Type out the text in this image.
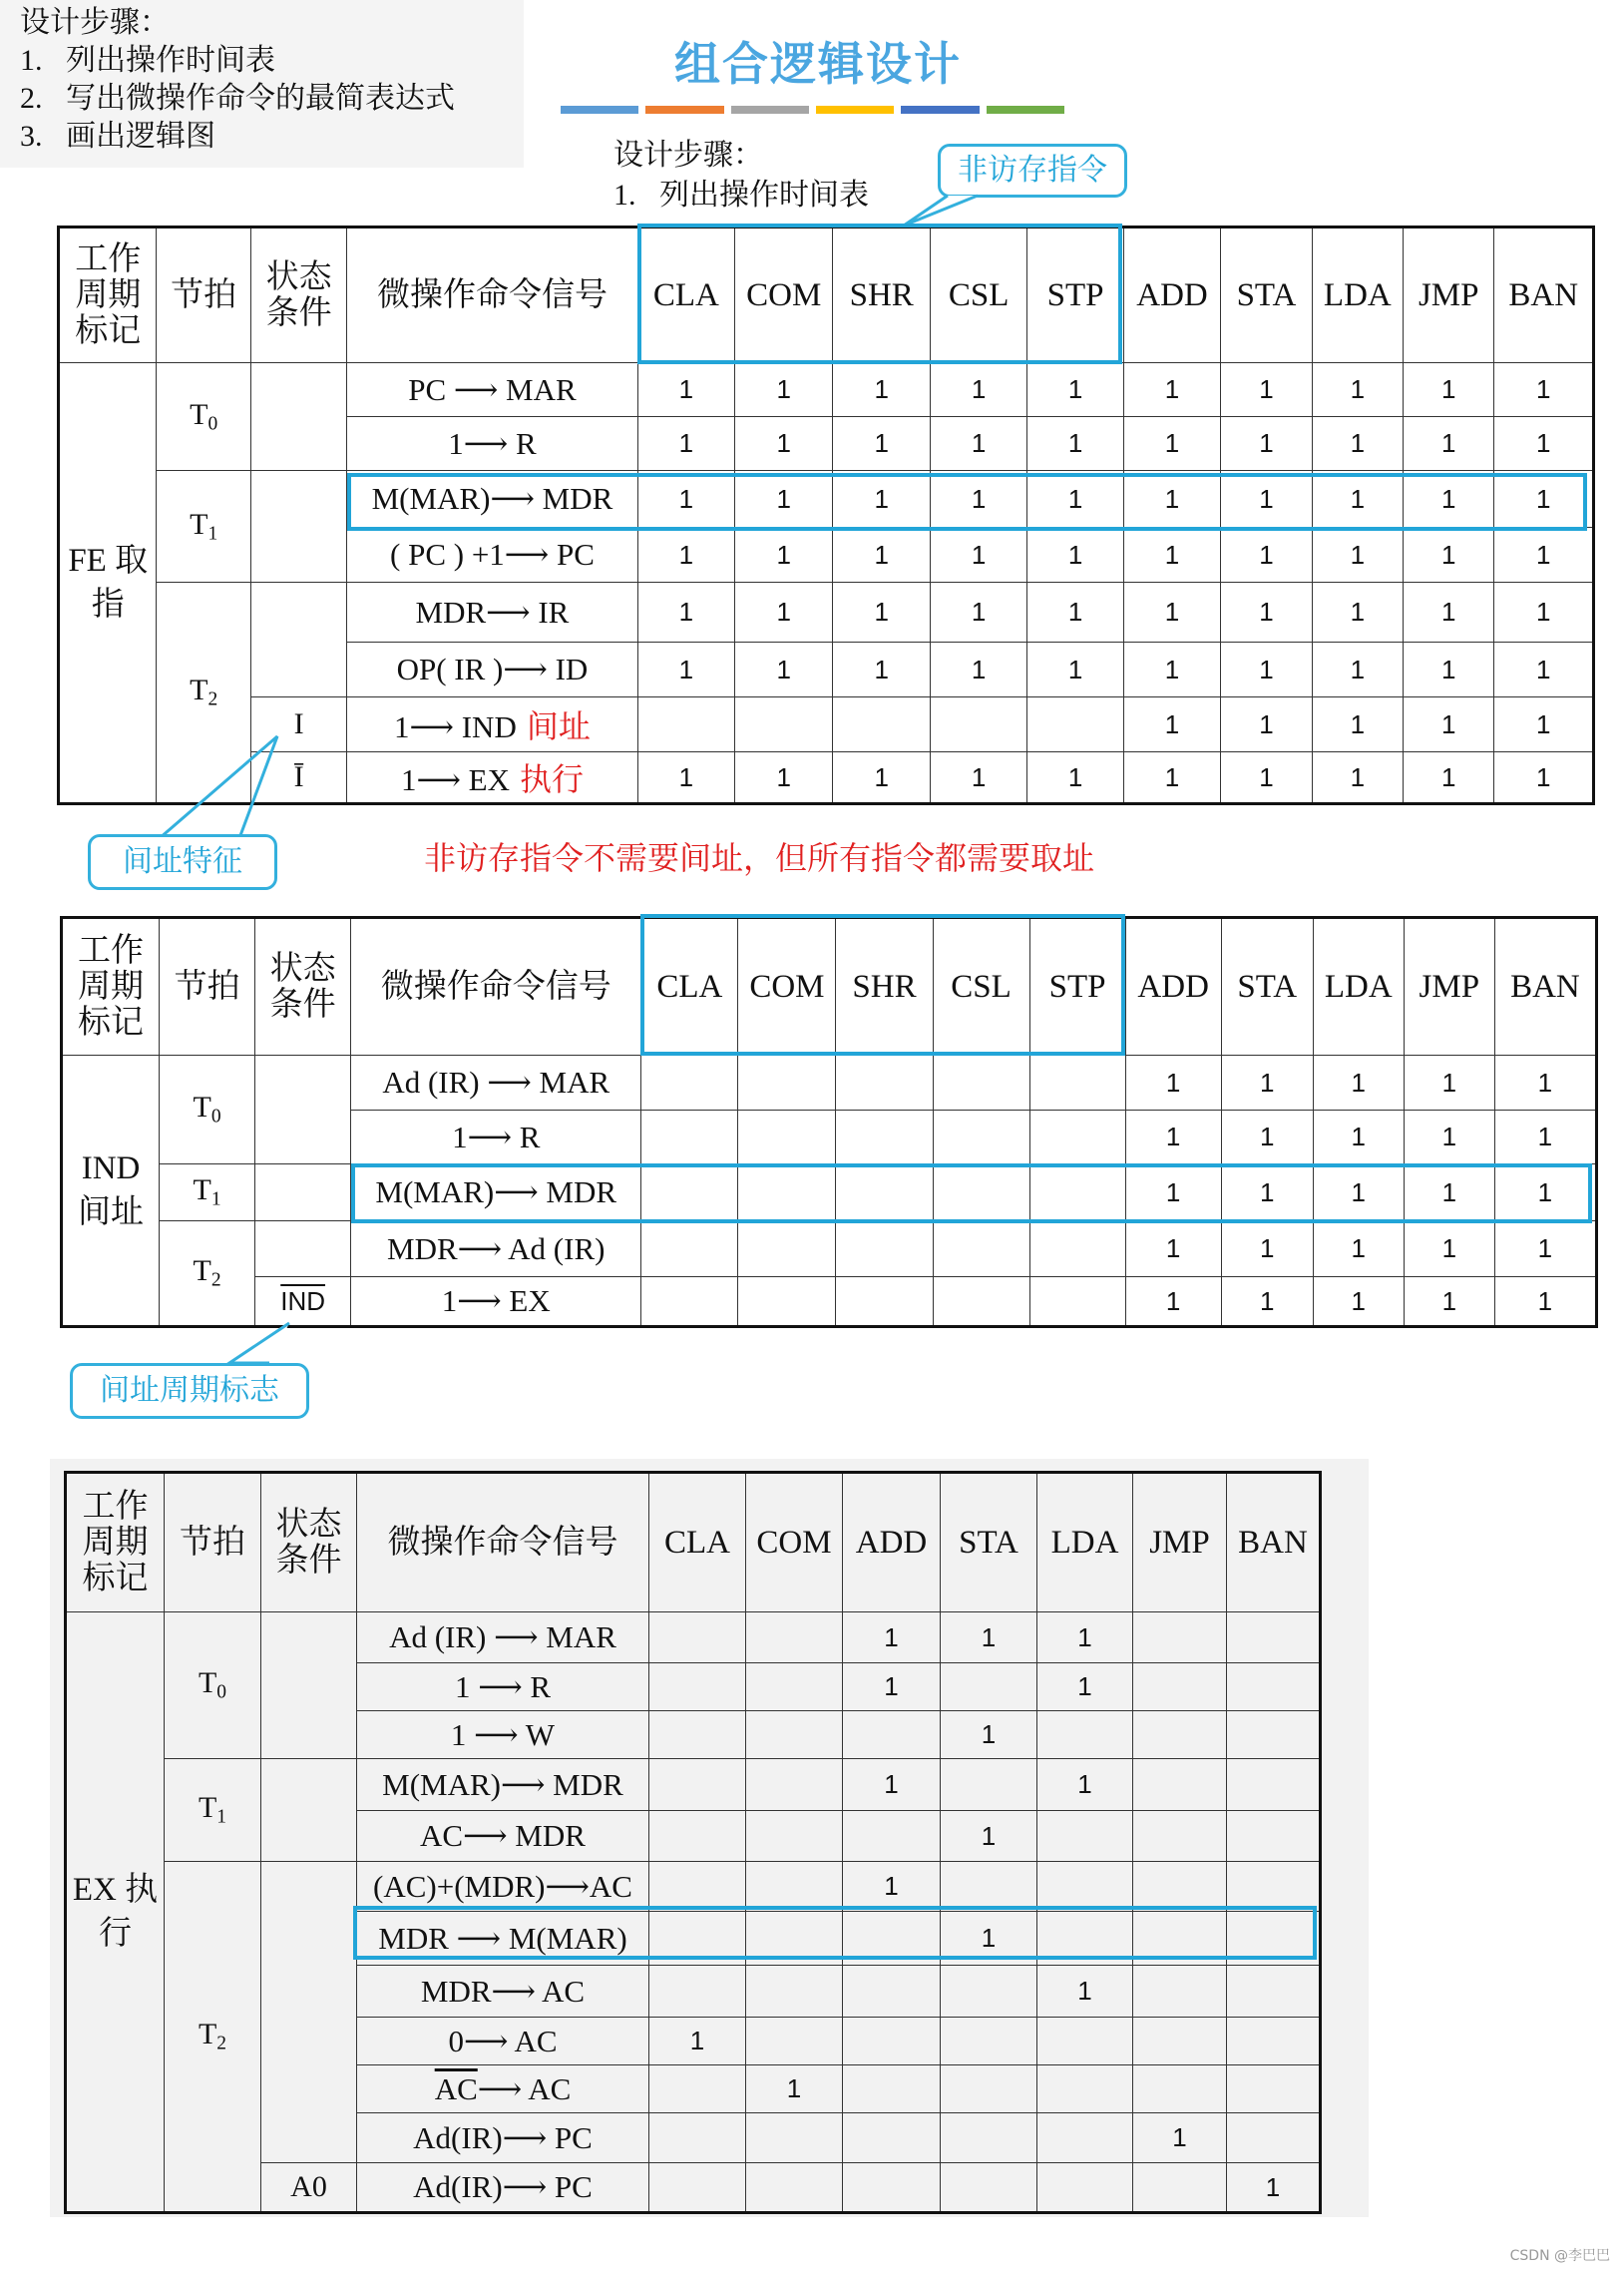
设计步骤：
1. 列出操作时间表
2. 写出微操作命令的最简表达式
3. 画出逻辑图
组合逻辑设计
设计步骤：
1. 列出操作时间表
非访存指令
工作周期标记	节拍	状态条件	微操作命令信号	CLA	COM	SHR	CSL	STP	ADD	STA	LDA	JMP	BAN
FE 取指	$T_0$		PC ⟶ MAR	1	1	1	1	1	1	1	1	1	1
			1⟶ R	1	1	1	1	1	1	1	1	1	1
	$T_1$		M(MAR)⟶ MDR	1	1	1	1	1	1	1	1	1	1
			( PC ) +1⟶ PC	1	1	1	1	1	1	1	1	1	1
	$T_2$		MDR⟶ IR	1	1	1	1	1	1	1	1	1	1
			OP( IR )⟶ ID	1	1	1	1	1	1	1	1	1	1
		I	1⟶ IND 间址						1	1	1	1	1
		Ī	1⟶ EX 执行	1	1	1	1	1	1	1	1	1	1
间址特征	非访存指令不需要间址，但所有指令都需要取址
工作周期标记	节拍	状态条件	微操作命令信号	CLA	COM	SHR	CSL	STP	ADD	STA	LDA	JMP	BAN
IND 间址	$T_0$		Ad (IR) ⟶ MAR						1	1	1	1	1
			1⟶ R						1	1	1	1	1
	$T_1$		M(MAR)⟶ MDR						1	1	1	1	1
	$T_2$		MDR⟶ Ad (IR)						1	1	1	1	1
		$\overline{IND}$	1⟶ EX						1	1	1	1	1
间址周期标志
工作周期标记	节拍	状态条件	微操作命令信号	CLA	COM	ADD	STA	LDA	JMP	BAN
EX 执行	$T_0$		Ad (IR) ⟶ MAR			1	1	1		
			1 ⟶ R			1		1		
			1 ⟶ W				1			
	$T_1$		M(MAR)⟶ MDR			1		1		
			AC⟶ MDR				1			
	$T_2$		(AC)+(MDR)⟶AC			1				
			MDR ⟶ M(MAR)				1			
			MDR⟶ AC					1		
			0⟶ AC	1						
			$\overline{AC}⟶$ AC		1					
			Ad(IR)⟶ PC						1	
		A0	Ad(IR)⟶ PC							1
CSDN @李巴巴
